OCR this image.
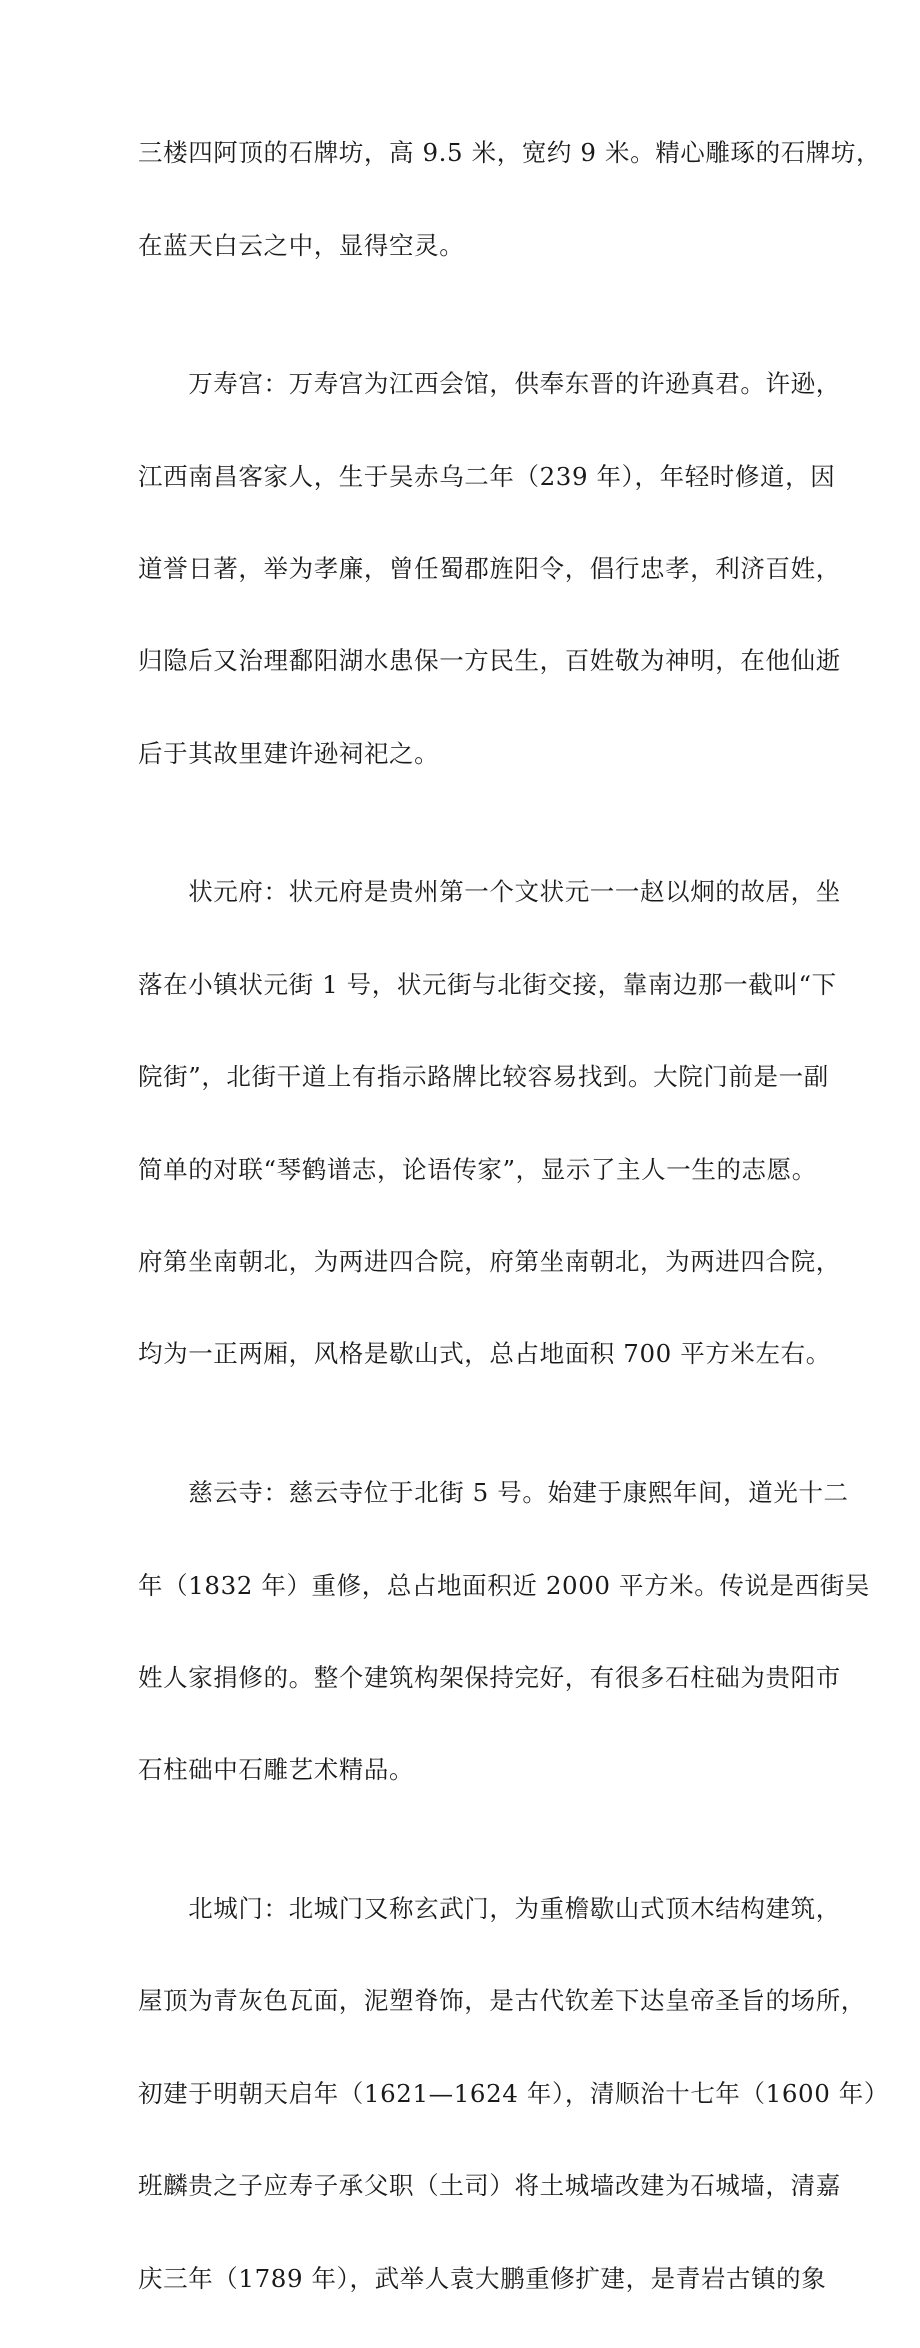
三楼四阿顶的石牌坊，高 9.5 米，宽约 9 米。精心雕琢的石牌坊，

在蓝天白云之中，显得空灵。

　　万寿宫：万寿宫为江西会馆，供奉东晋的许逊真君。许逊，

江西南昌客家人，生于吴赤乌二年（239 年），年轻时修道，因

道誉日著，举为孝廉，曾任蜀郡旌阳令，倡行忠孝，利济百姓，

归隐后又治理鄱阳湖水患保一方民生，百姓敬为神明，在他仙逝

后于其故里建许逊祠祀之。

　　状元府：状元府是贵州第一个文状元一一赵以炯的故居，坐

落在小镇状元街 1 号，状元街与北街交接，靠南边那一截叫“下

院街”，北街干道上有指示路牌比较容易找到。大院门前是一副

简单的对联“琴鹤谱志，论语传家”，显示了主人一生的志愿。

府第坐南朝北，为两进四合院，府第坐南朝北，为两进四合院，

均为一正两厢，风格是歇山式，总占地面积 700 平方米左右。

　　慈云寺：慈云寺位于北街 5 号。始建于康熙年间，道光十二

年（1832 年）重修，总占地面积近 2000 平方米。传说是西街吴

姓人家捐修的。整个建筑构架保持完好，有很多石柱础为贵阳市

石柱础中石雕艺术精品。

　　北城门：北城门又称玄武门，为重檐歇山式顶木结构建筑，

屋顶为青灰色瓦面，泥塑脊饰，是古代钦差下达皇帝圣旨的场所，

初建于明朝天启年（1621—1624 年），清顺治十七年（1600 年）

班麟贵之子应寿子承父职（土司）将土城墙改建为石城墙，清嘉

庆三年（1789 年），武举人袁大鹏重修扩建，是青岩古镇的象
